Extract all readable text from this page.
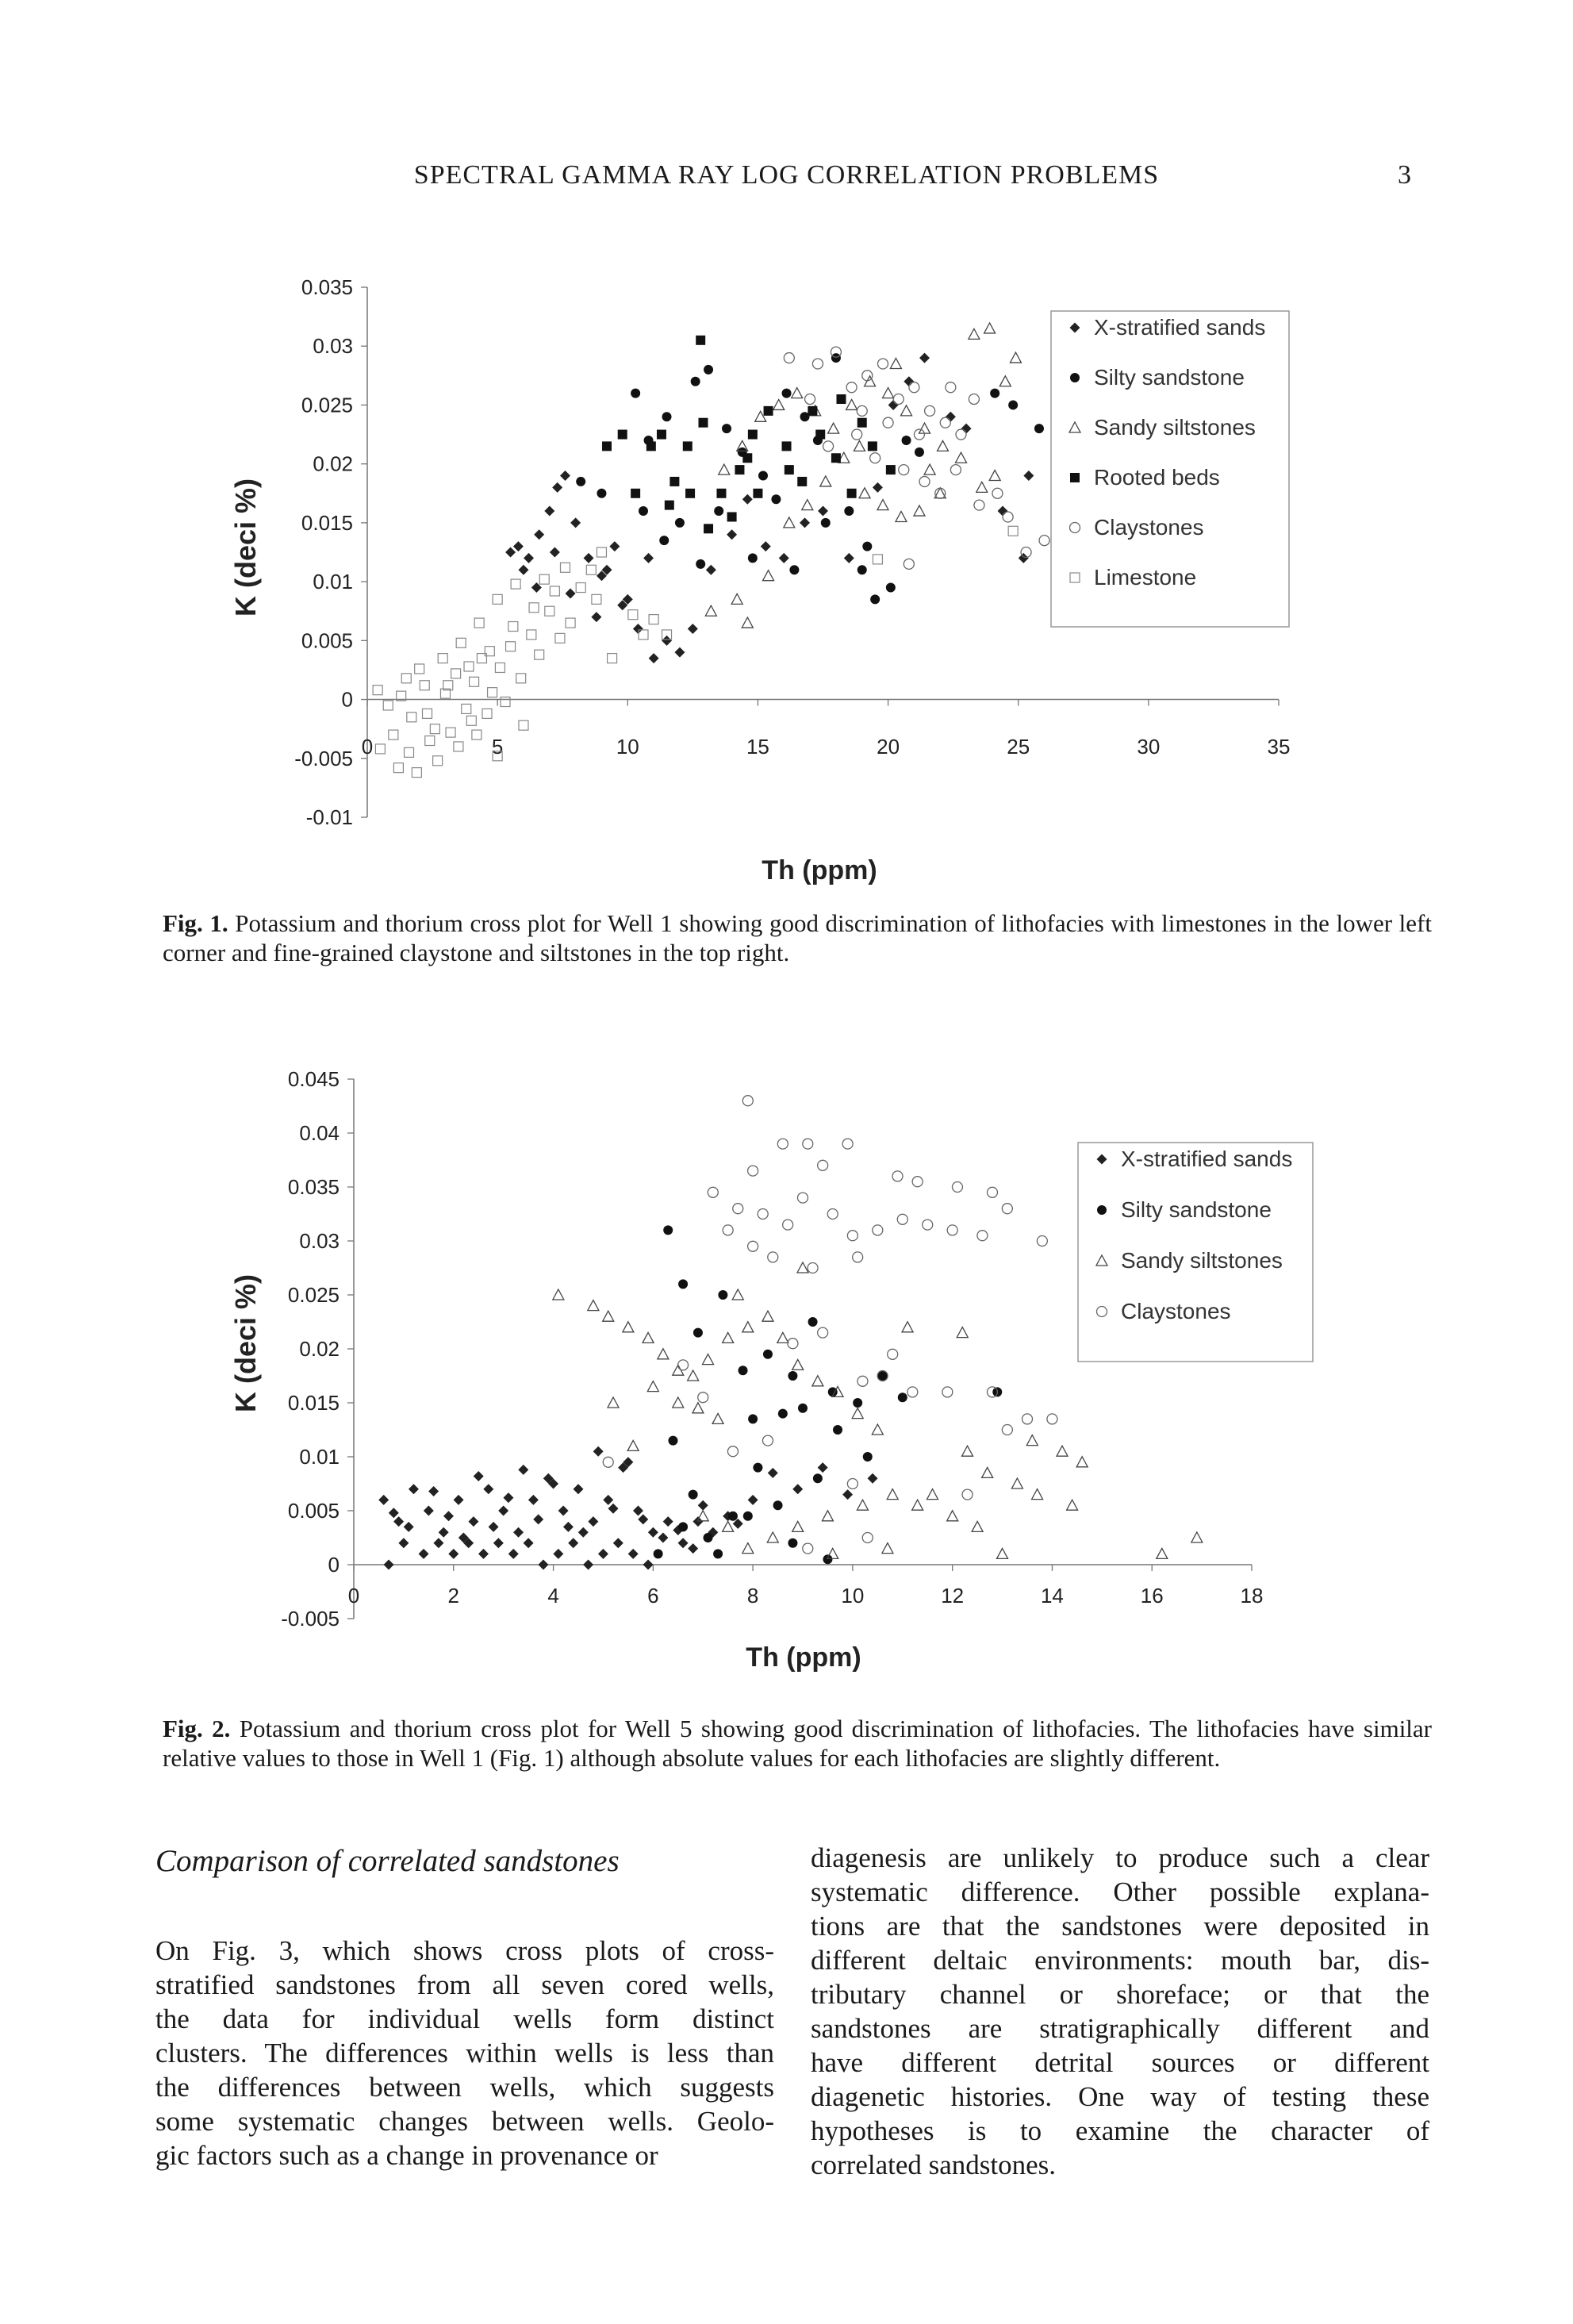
SPECTRAL GAMMA RAY LOG CORRELATION PROBLEMS	3
0.035
0.03
0.025
0.02
0.015
0.01
0.005
0
-0.005
-0.01
0	5	10	15	20	25	30	35
Th (ppm)
K (deci %)
X-stratified sands
Silty sandstone
Sandy siltstones
Rooted beds
Claystones
Limestone
Fig. 1. Potassium and thorium cross plot for Well 1 showing good discrimination of lithofacies with limestones in the lower left corner and fine-grained claystone and siltstones in the top right.
0.045
0.04
0.035
0.03
0.025
0.02
0.015
0.01
0.005
0
-0.005
0	2	4	6	8	10	12	14	16	18
Th (ppm)
K (deci %)
X-stratified sands
Silty sandstone
Sandy siltstones
Claystones
Fig. 2. Potassium and thorium cross plot for Well 5 showing good discrimination of lithofacies. The lithofacies have similar relative values to those in Well 1 (Fig. 1) although absolute values for each lithofacies are slightly different.
Comparison of correlated sandstones
On Fig. 3, which shows cross plots of cross-
stratified sandstones from all seven cored wells,
the data for individual wells form distinct
clusters. The differences within wells is less than
the differences between wells, which suggests
some systematic changes between wells. Geolo-
gic factors such as a change in provenance or
diagenesis are unlikely to produce such a clear
systematic difference. Other possible explana-
tions are that the sandstones were deposited in
different deltaic environments: mouth bar, dis-
tributary channel or shoreface; or that the
sandstones are stratigraphically different and
have different detrital sources or different
diagenetic histories. One way of testing these
hypotheses is to examine the character of
correlated sandstones.
